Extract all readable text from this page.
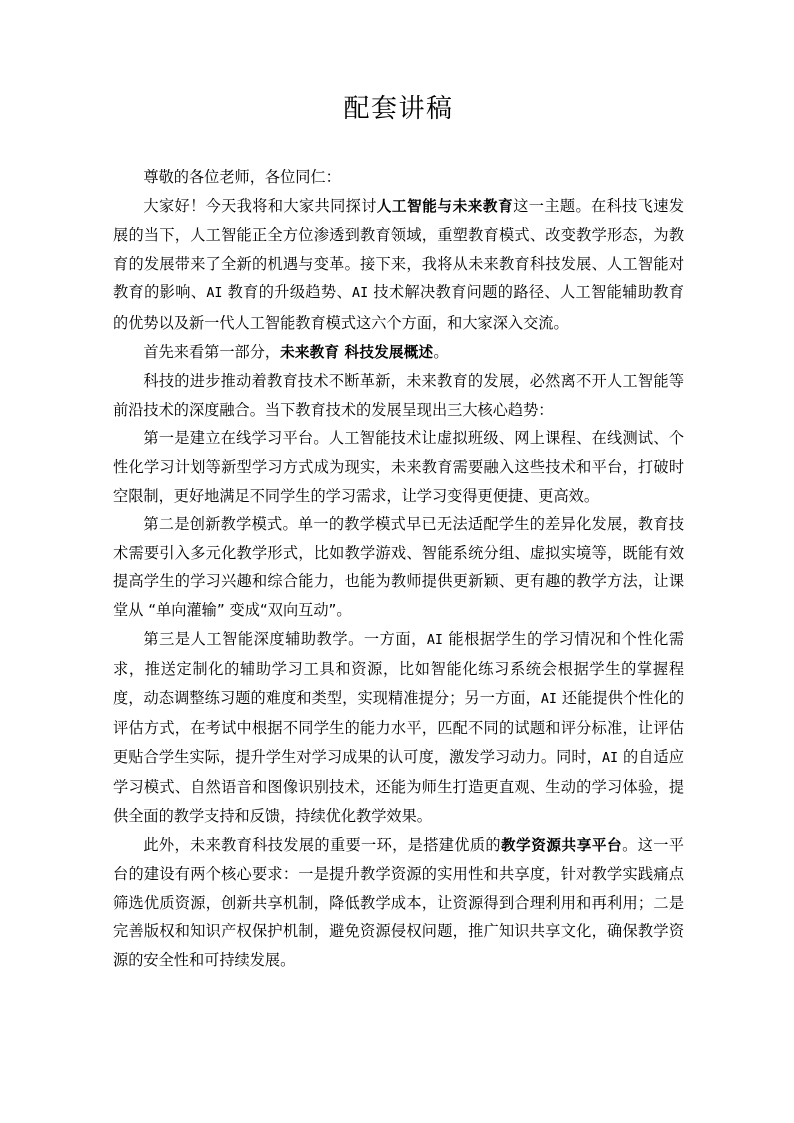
配套讲稿

尊敬的各位老师，各位同仁：

大家好！今天我将和大家共同探讨人工智能与未来教育这一主题。在科技飞速发展的当下，人工智能正全方位渗透到教育领域，重塑教育模式、改变教学形态，为教育的发展带来了全新的机遇与变革。接下来，我将从未来教育科技发展、人工智能对教育的影响、AI 教育的升级趋势、AI 技术解决教育问题的路径、人工智能辅助教育的优势以及新一代人工智能教育模式这六个方面，和大家深入交流。

首先来看第一部分，未来教育 科技发展概述。

科技的进步推动着教育技术不断革新，未来教育的发展，必然离不开人工智能等前沿技术的深度融合。当下教育技术的发展呈现出三大核心趋势：

第一是建立在线学习平台。人工智能技术让虚拟班级、网上课程、在线测试、个性化学习计划等新型学习方式成为现实，未来教育需要融入这些技术和平台，打破时空限制，更好地满足不同学生的学习需求，让学习变得更便捷、更高效。

第二是创新教学模式。单一的教学模式早已无法适配学生的差异化发展，教育技术需要引入多元化教学形式，比如教学游戏、智能系统分组、虚拟实境等，既能有效提高学生的学习兴趣和综合能力，也能为教师提供更新颖、更有趣的教学方法，让课堂从 “单向灌输” 变成“双向互动”。

第三是人工智能深度辅助教学。一方面，AI 能根据学生的学习情况和个性化需求，推送定制化的辅助学习工具和资源，比如智能化练习系统会根据学生的掌握程度，动态调整练习题的难度和类型，实现精准提分；另一方面，AI 还能提供个性化的评估方式，在考试中根据不同学生的能力水平，匹配不同的试题和评分标准，让评估更贴合学生实际，提升学生对学习成果的认可度，激发学习动力。同时，AI 的自适应学习模式、自然语音和图像识别技术，还能为师生打造更直观、生动的学习体验，提供全面的教学支持和反馈，持续优化教学效果。

此外，未来教育科技发展的重要一环，是搭建优质的教学资源共享平台。这一平台的建设有两个核心要求：一是提升教学资源的实用性和共享度，针对教学实践痛点筛选优质资源，创新共享机制，降低教学成本，让资源得到合理利用和再利用；二是完善版权和知识产权保护机制，避免资源侵权问题，推广知识共享文化，确保教学资源的安全性和可持续发展。
